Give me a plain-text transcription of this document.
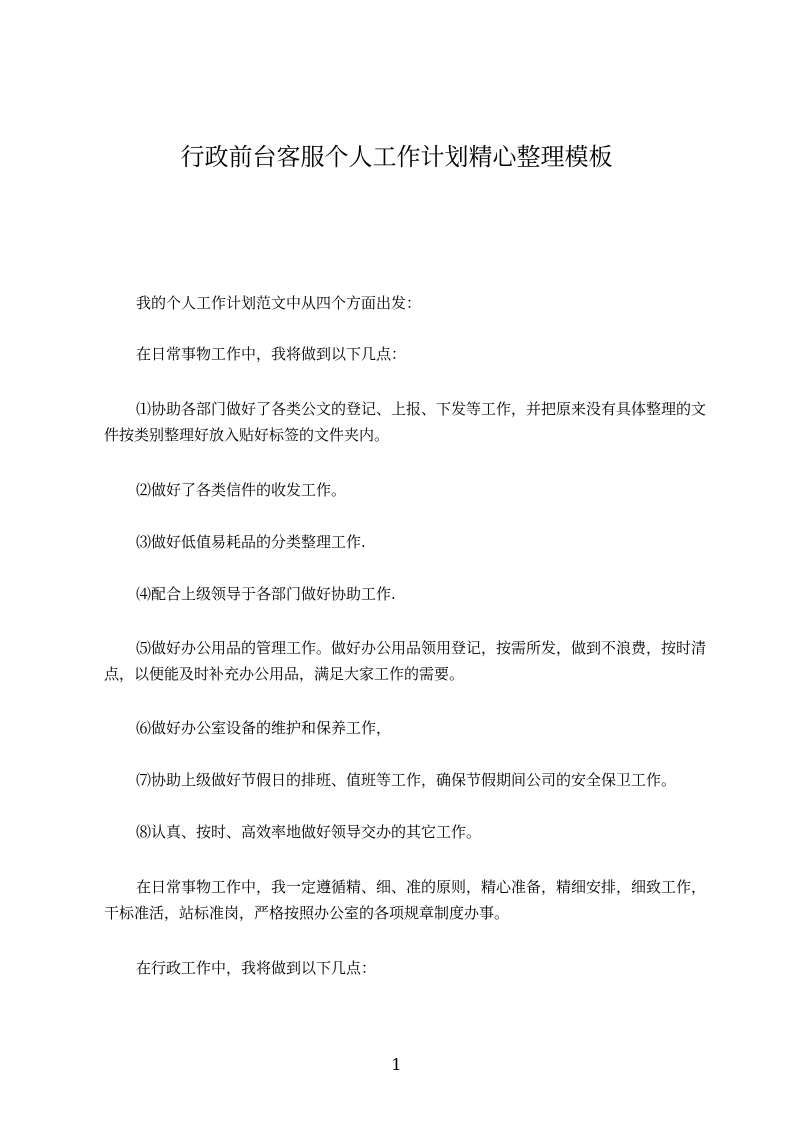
行政前台客服个人工作计划精心整理模板

我的个人工作计划范文中从四个方面出发：

在日常事物工作中，我将做到以下几点：

⑴协助各部门做好了各类公文的登记、上报、下发等工作，并把原来没有具体整理的文件按类别整理好放入贴好标签的文件夹内。

⑵做好了各类信件的收发工作。

⑶做好低值易耗品的分类整理工作.

⑷配合上级领导于各部门做好协助工作.

⑸做好办公用品的管理工作。做好办公用品领用登记，按需所发，做到不浪费，按时清点，以便能及时补充办公用品，满足大家工作的需要。

⑹做好办公室设备的维护和保养工作，

⑺协助上级做好节假日的排班、值班等工作，确保节假期间公司的安全保卫工作。

⑻认真、按时、高效率地做好领导交办的其它工作。

在日常事物工作中，我一定遵循精、细、准的原则，精心准备，精细安排，细致工作，干标准活，站标准岗，严格按照办公室的各项规章制度办事。

在行政工作中，我将做到以下几点：

1
